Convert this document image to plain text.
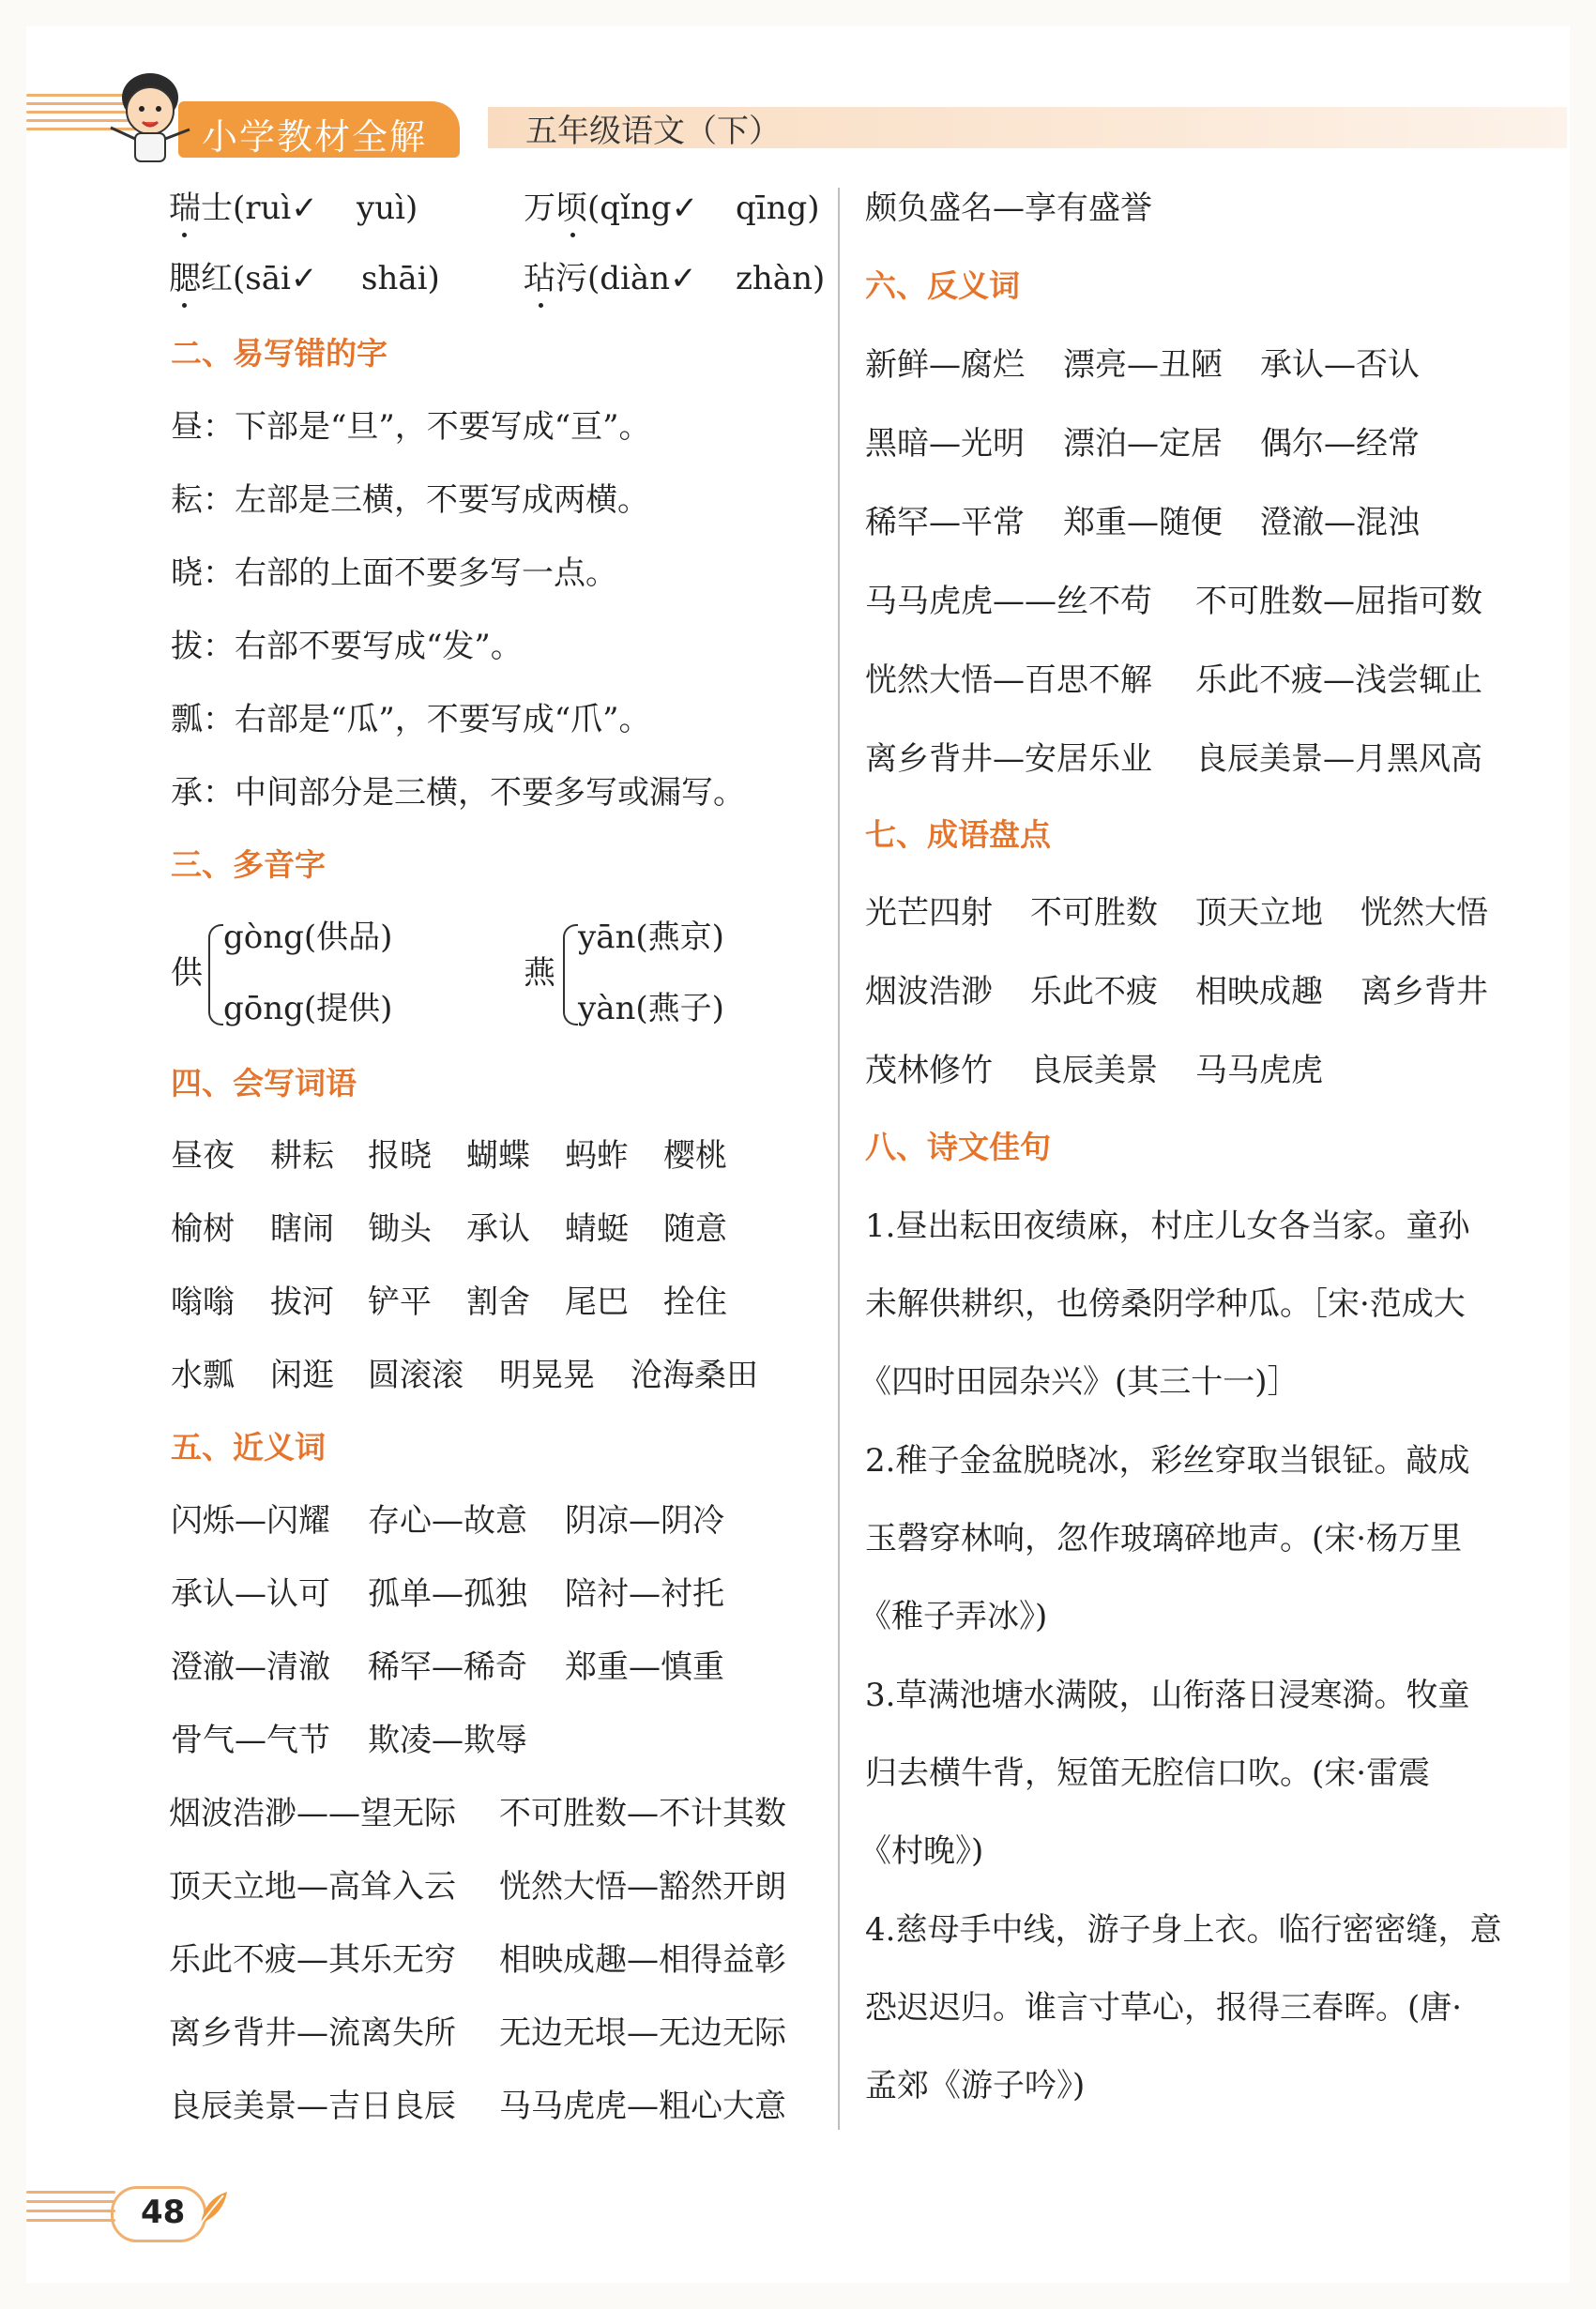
小学教材全解	五年级语文（下）
瑞士 (ruì✓ yuì)	万顷 (qǐng✓ qīng)
腮红 (sāi✓ shāi)	玷污 (diàn✓ zhàn)
二、易写错的字
昼：下部是“旦”，不要写成“亘”。
耘：左部是三横，不要写成两横。
晓：右部的上面不要多写一点。
拔：右部不要写成“发”。
瓢：右部是“瓜”，不要写成“爪”。
承：中间部分是三横，不要多写或漏写。
三、多音字
供
gòng(供品)
gōng(提供)
燕
yān(燕京)
yàn(燕子)
四、会写词语
昼夜 耕耘 报晓 蝴蝶 蚂蚱 樱桃
榆树 瞎闹 锄头 承认 蜻蜓 随意
嗡嗡 拔河 铲平 割舍 尾巴 拴住
水瓢 闲逛 圆滚滚 明晃晃 沧海桑田
五、近义词
闪烁—闪耀 存心—故意 阴凉—阴冷
承认—认可 孤单—孤独 陪衬—衬托
澄澈—清澈 稀罕—稀奇 郑重—慎重
骨气—气节 欺凌—欺辱
烟波浩渺——望无际 不可胜数—不计其数
顶天立地—高耸入云 恍然大悟—豁然开朗
乐此不疲—其乐无穷 相映成趣—相得益彰
离乡背井—流离失所 无边无垠—无边无际
良辰美景—吉日良辰 马马虎虎—粗心大意
颇负盛名—享有盛誉
六、反义词
新鲜—腐烂 漂亮—丑陋 承认—否认
黑暗—光明 漂泊—定居 偶尔—经常
稀罕—平常 郑重—随便 澄澈—混浊
马马虎虎——丝不苟 不可胜数—屈指可数
恍然大悟—百思不解 乐此不疲—浅尝辄止
离乡背井—安居乐业 良辰美景—月黑风高
七、成语盘点
光芒四射 不可胜数 顶天立地 恍然大悟
烟波浩渺 乐此不疲 相映成趣 离乡背井
茂林修竹 良辰美景 马马虎虎
八、诗文佳句
1.昼出耘田夜绩麻，村庄儿女各当家。童孙
未解供耕织，也傍桑阴学种瓜。［宋·范成大
《四时田园杂兴》(其三十一)］
2.稚子金盆脱晓冰，彩丝穿取当银钲。敲成
玉磬穿林响，忽作玻璃碎地声。(宋·杨万里
《稚子弄冰》)
3.草满池塘水满陂，山衔落日浸寒漪。牧童
归去横牛背，短笛无腔信口吹。(宋·雷震
《村晚》)
4.慈母手中线，游子身上衣。临行密密缝，意
恐迟迟归。谁言寸草心，报得三春晖。(唐·
孟郊《游子吟》)
48
